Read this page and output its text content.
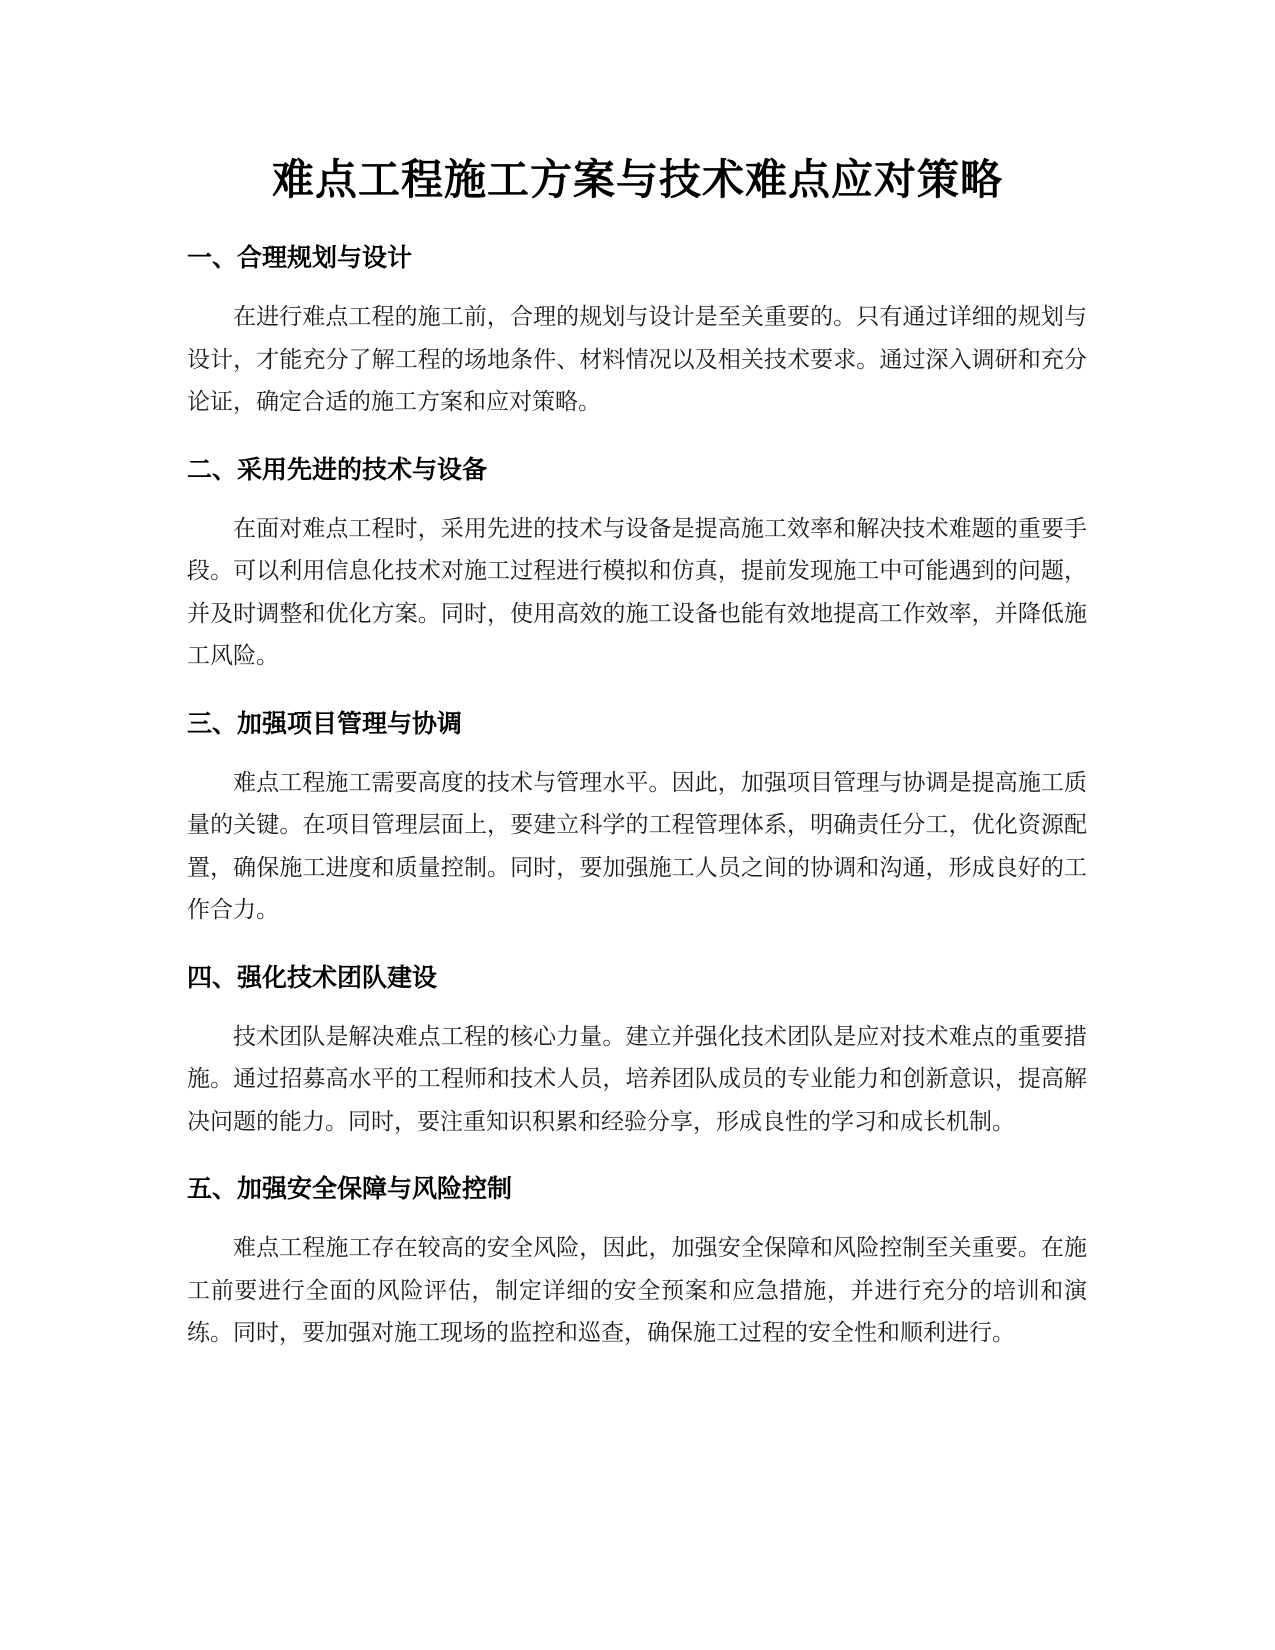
难点工程施工方案与技术难点应对策略
一、合理规划与设计

在进行难点工程的施工前，合理的规划与设计是至关重要的。只有通过详细的规划与设计，才能充分了解工程的场地条件、材料情况以及相关技术要求。通过深入调研和充分论证，确定合适的施工方案和应对策略。

二、采用先进的技术与设备

在面对难点工程时，采用先进的技术与设备是提高施工效率和解决技术难题的重要手段。可以利用信息化技术对施工过程进行模拟和仿真，提前发现施工中可能遇到的问题，并及时调整和优化方案。同时，使用高效的施工设备也能有效地提高工作效率，并降低施工风险。

三、加强项目管理与协调

难点工程施工需要高度的技术与管理水平。因此，加强项目管理与协调是提高施工质量的关键。在项目管理层面上，要建立科学的工程管理体系，明确责任分工，优化资源配置，确保施工进度和质量控制。同时，要加强施工人员之间的协调和沟通，形成良好的工作合力。

四、强化技术团队建设

技术团队是解决难点工程的核心力量。建立并强化技术团队是应对技术难点的重要措施。通过招募高水平的工程师和技术人员，培养团队成员的专业能力和创新意识，提高解决问题的能力。同时，要注重知识积累和经验分享，形成良性的学习和成长机制。

五、加强安全保障与风险控制

难点工程施工存在较高的安全风险，因此，加强安全保障和风险控制至关重要。在施工前要进行全面的风险评估，制定详细的安全预案和应急措施，并进行充分的培训和演练。同时，要加强对施工现场的监控和巡查，确保施工过程的安全性和顺利进行。
